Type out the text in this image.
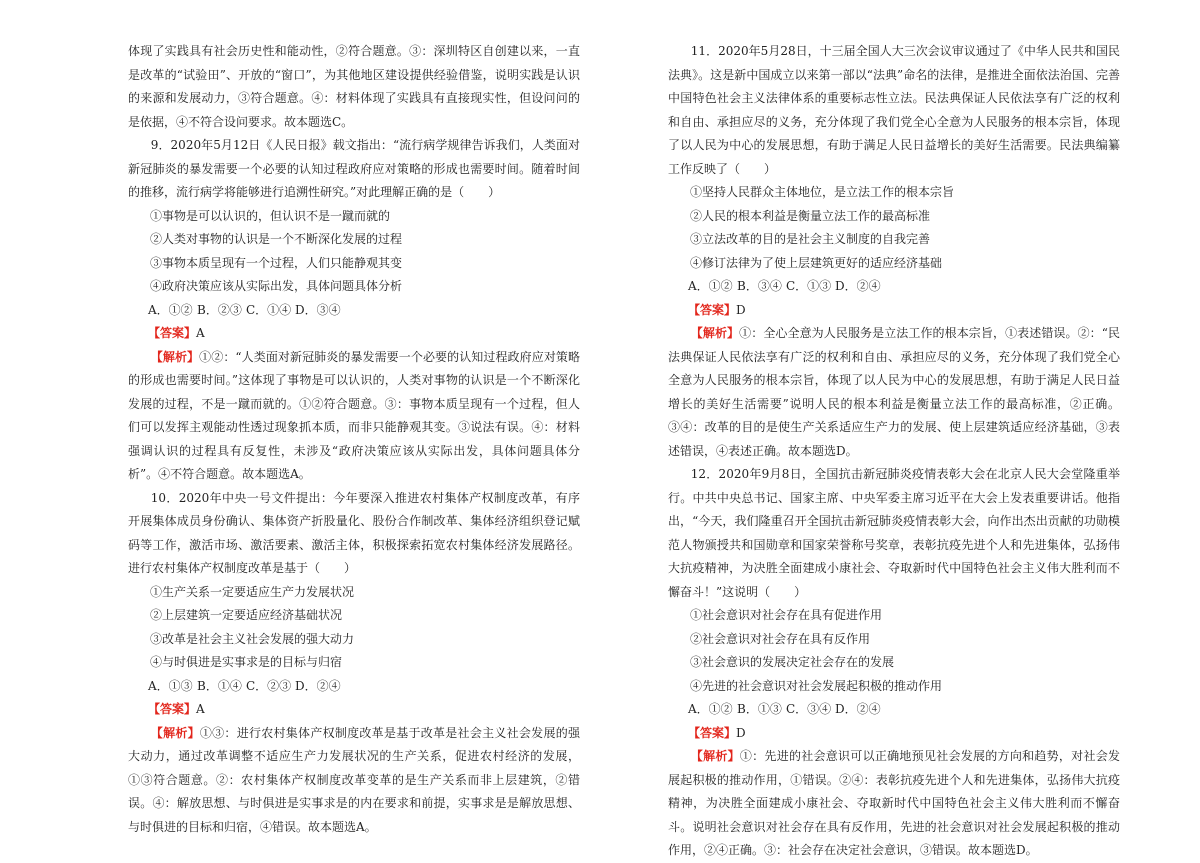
体现了实践具有社会历史性和能动性，②符合题意。③：深圳特区自创建以来，一直是改革的“试验田”、开放的“窗口”，为其他地区建设提供经验借鉴，说明实践是认识的来源和发展动力，③符合题意。④：材料体现了实践具有直接现实性，但设问问的是依据，④不符合设问要求。故本题选C。

9．2020年5月12日《人民日报》载文指出：“流行病学规律告诉我们，人类面对新冠肺炎的暴发需要一个必要的认知过程政府应对策略的形成也需要时间。随着时间的推移，流行病学将能够进行追溯性研究。”对此理解正确的是（　　）

①事物是可以认识的，但认识不是一蹴而就的

②人类对事物的认识是一个不断深化发展的过程

③事物本质呈现有一个过程，人们只能静观其变

④政府决策应该从实际出发，具体问题具体分析

A．①② B．②③ C．①④ D．③④

【答案】A

【解析】①②：“人类面对新冠肺炎的暴发需要一个必要的认知过程政府应对策略的形成也需要时间。”这体现了事物是可以认识的，人类对事物的认识是一个不断深化发展的过程，不是一蹴而就的。①②符合题意。③：事物本质呈现有一个过程，但人们可以发挥主观能动性透过现象抓本质，而非只能静观其变。③说法有误。④：材料强调认识的过程具有反复性，未涉及“政府决策应该从实际出发，具体问题具体分析”。④不符合题意。故本题选A。

10．2020年中央一号文件提出：今年要深入推进农村集体产权制度改革，有序开展集体成员身份确认、集体资产折股量化、股份合作制改革、集体经济组织登记赋码等工作，激活市场、激活要素、激活主体，积极探索拓宽农村集体经济发展路径。进行农村集体产权制度改革是基于（　　）

①生产关系一定要适应生产力发展状况

②上层建筑一定要适应经济基础状况

③改革是社会主义社会发展的强大动力

④与时俱进是实事求是的目标与归宿

A．①③ B．①④ C．②③ D．②④

【答案】A

【解析】①③：进行农村集体产权制度改革是基于改革是社会主义社会发展的强大动力，通过改革调整不适应生产力发展状况的生产关系，促进农村经济的发展，①③符合题意。②：农村集体产权制度改革变革的是生产关系而非上层建筑，②错误。④：解放思想、与时俱进是实事求是的内在要求和前提，实事求是是解放思想、与时俱进的目标和归宿，④错误。故本题选A。

11．2020年5月28日，十三届全国人大三次会议审议通过了《中华人民共和国民法典》。这是新中国成立以来第一部以“法典”命名的法律，是推进全面依法治国、完善中国特色社会主义法律体系的重要标志性立法。民法典保证人民依法享有广泛的权利和自由、承担应尽的义务，充分体现了我们党全心全意为人民服务的根本宗旨，体现了以人民为中心的发展思想，有助于满足人民日益增长的美好生活需要。民法典编纂工作反映了（　　）

①坚持人民群众主体地位，是立法工作的根本宗旨

②人民的根本利益是衡量立法工作的最高标准

③立法改革的目的是社会主义制度的自我完善

④修订法律为了使上层建筑更好的适应经济基础

A．①② B．③④ C．①③ D．②④

【答案】D

【解析】①：全心全意为人民服务是立法工作的根本宗旨，①表述错误。②：“民法典保证人民依法享有广泛的权利和自由、承担应尽的义务，充分体现了我们党全心全意为人民服务的根本宗旨，体现了以人民为中心的发展思想，有助于满足人民日益增长的美好生活需要”说明人民的根本利益是衡量立法工作的最高标准，②正确。③④：改革的目的是使生产关系适应生产力的发展、使上层建筑适应经济基础，③表述错误，④表述正确。故本题选D。

12．2020年9月8日，全国抗击新冠肺炎疫情表彰大会在北京人民大会堂隆重举行。中共中央总书记、国家主席、中央军委主席习近平在大会上发表重要讲话。他指出，“今天，我们隆重召开全国抗击新冠肺炎疫情表彰大会，向作出杰出贡献的功勋模范人物颁授共和国勋章和国家荣誉称号奖章，表彰抗疫先进个人和先进集体，弘扬伟大抗疫精神，为决胜全面建成小康社会、夺取新时代中国特色社会主义伟大胜利而不懈奋斗！”这说明（　　）

①社会意识对社会存在具有促进作用

②社会意识对社会存在具有反作用

③社会意识的发展决定社会存在的发展

④先进的社会意识对社会发展起积极的推动作用

A．①② B．①③ C．③④ D．②④

【答案】D

【解析】①：先进的社会意识可以正确地预见社会发展的方向和趋势，对社会发展起积极的推动作用，①错误。②④：表彰抗疫先进个人和先进集体，弘扬伟大抗疫精神，为决胜全面建成小康社会、夺取新时代中国特色社会主义伟大胜利而不懈奋斗。说明社会意识对社会存在具有反作用，先进的社会意识对社会发展起积极的推动作用，②④正确。③：社会存在决定社会意识，③错误。故本题选D。
